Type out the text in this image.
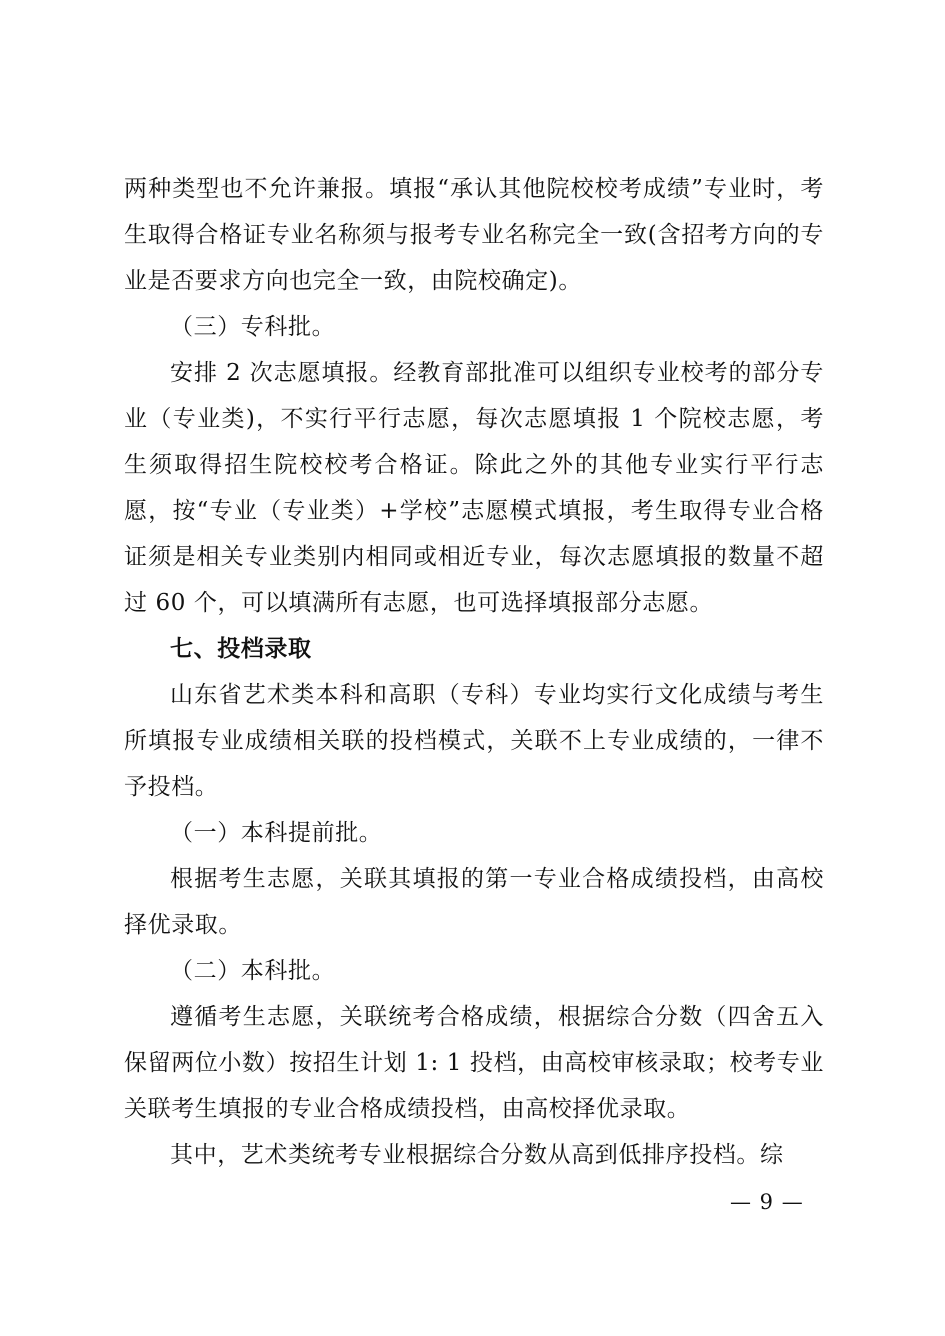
两种类型也不允许兼报。填报“承认其他院校校考成绩”专业时，考生取得合格证专业名称须与报考专业名称完全一致(含招考方向的专业是否要求方向也完全一致，由院校确定)。

（三）专科批。

安排 2 次志愿填报。经教育部批准可以组织专业校考的部分专业（专业类)，不实行平行志愿，每次志愿填报 1 个院校志愿，考生须取得招生院校校考合格证。除此之外的其他专业实行平行志愿，按“专业（专业类）+学校”志愿模式填报，考生取得专业合格证须是相关专业类别内相同或相近专业，每次志愿填报的数量不超过 60 个，可以填满所有志愿，也可选择填报部分志愿。

七、投档录取

山东省艺术类本科和高职（专科）专业均实行文化成绩与考生所填报专业成绩相关联的投档模式，关联不上专业成绩的，一律不予投档。

（一）本科提前批。

根据考生志愿，关联其填报的第一专业合格成绩投档，由高校择优录取。

（二）本科批。

遵循考生志愿，关联统考合格成绩，根据综合分数（四舍五入保留两位小数）按招生计划 1: 1 投档，由高校审核录取；校考专业关联考生填报的专业合格成绩投档，由高校择优录取。

其中，艺术类统考专业根据综合分数从高到低排序投档。综

— 9 —
